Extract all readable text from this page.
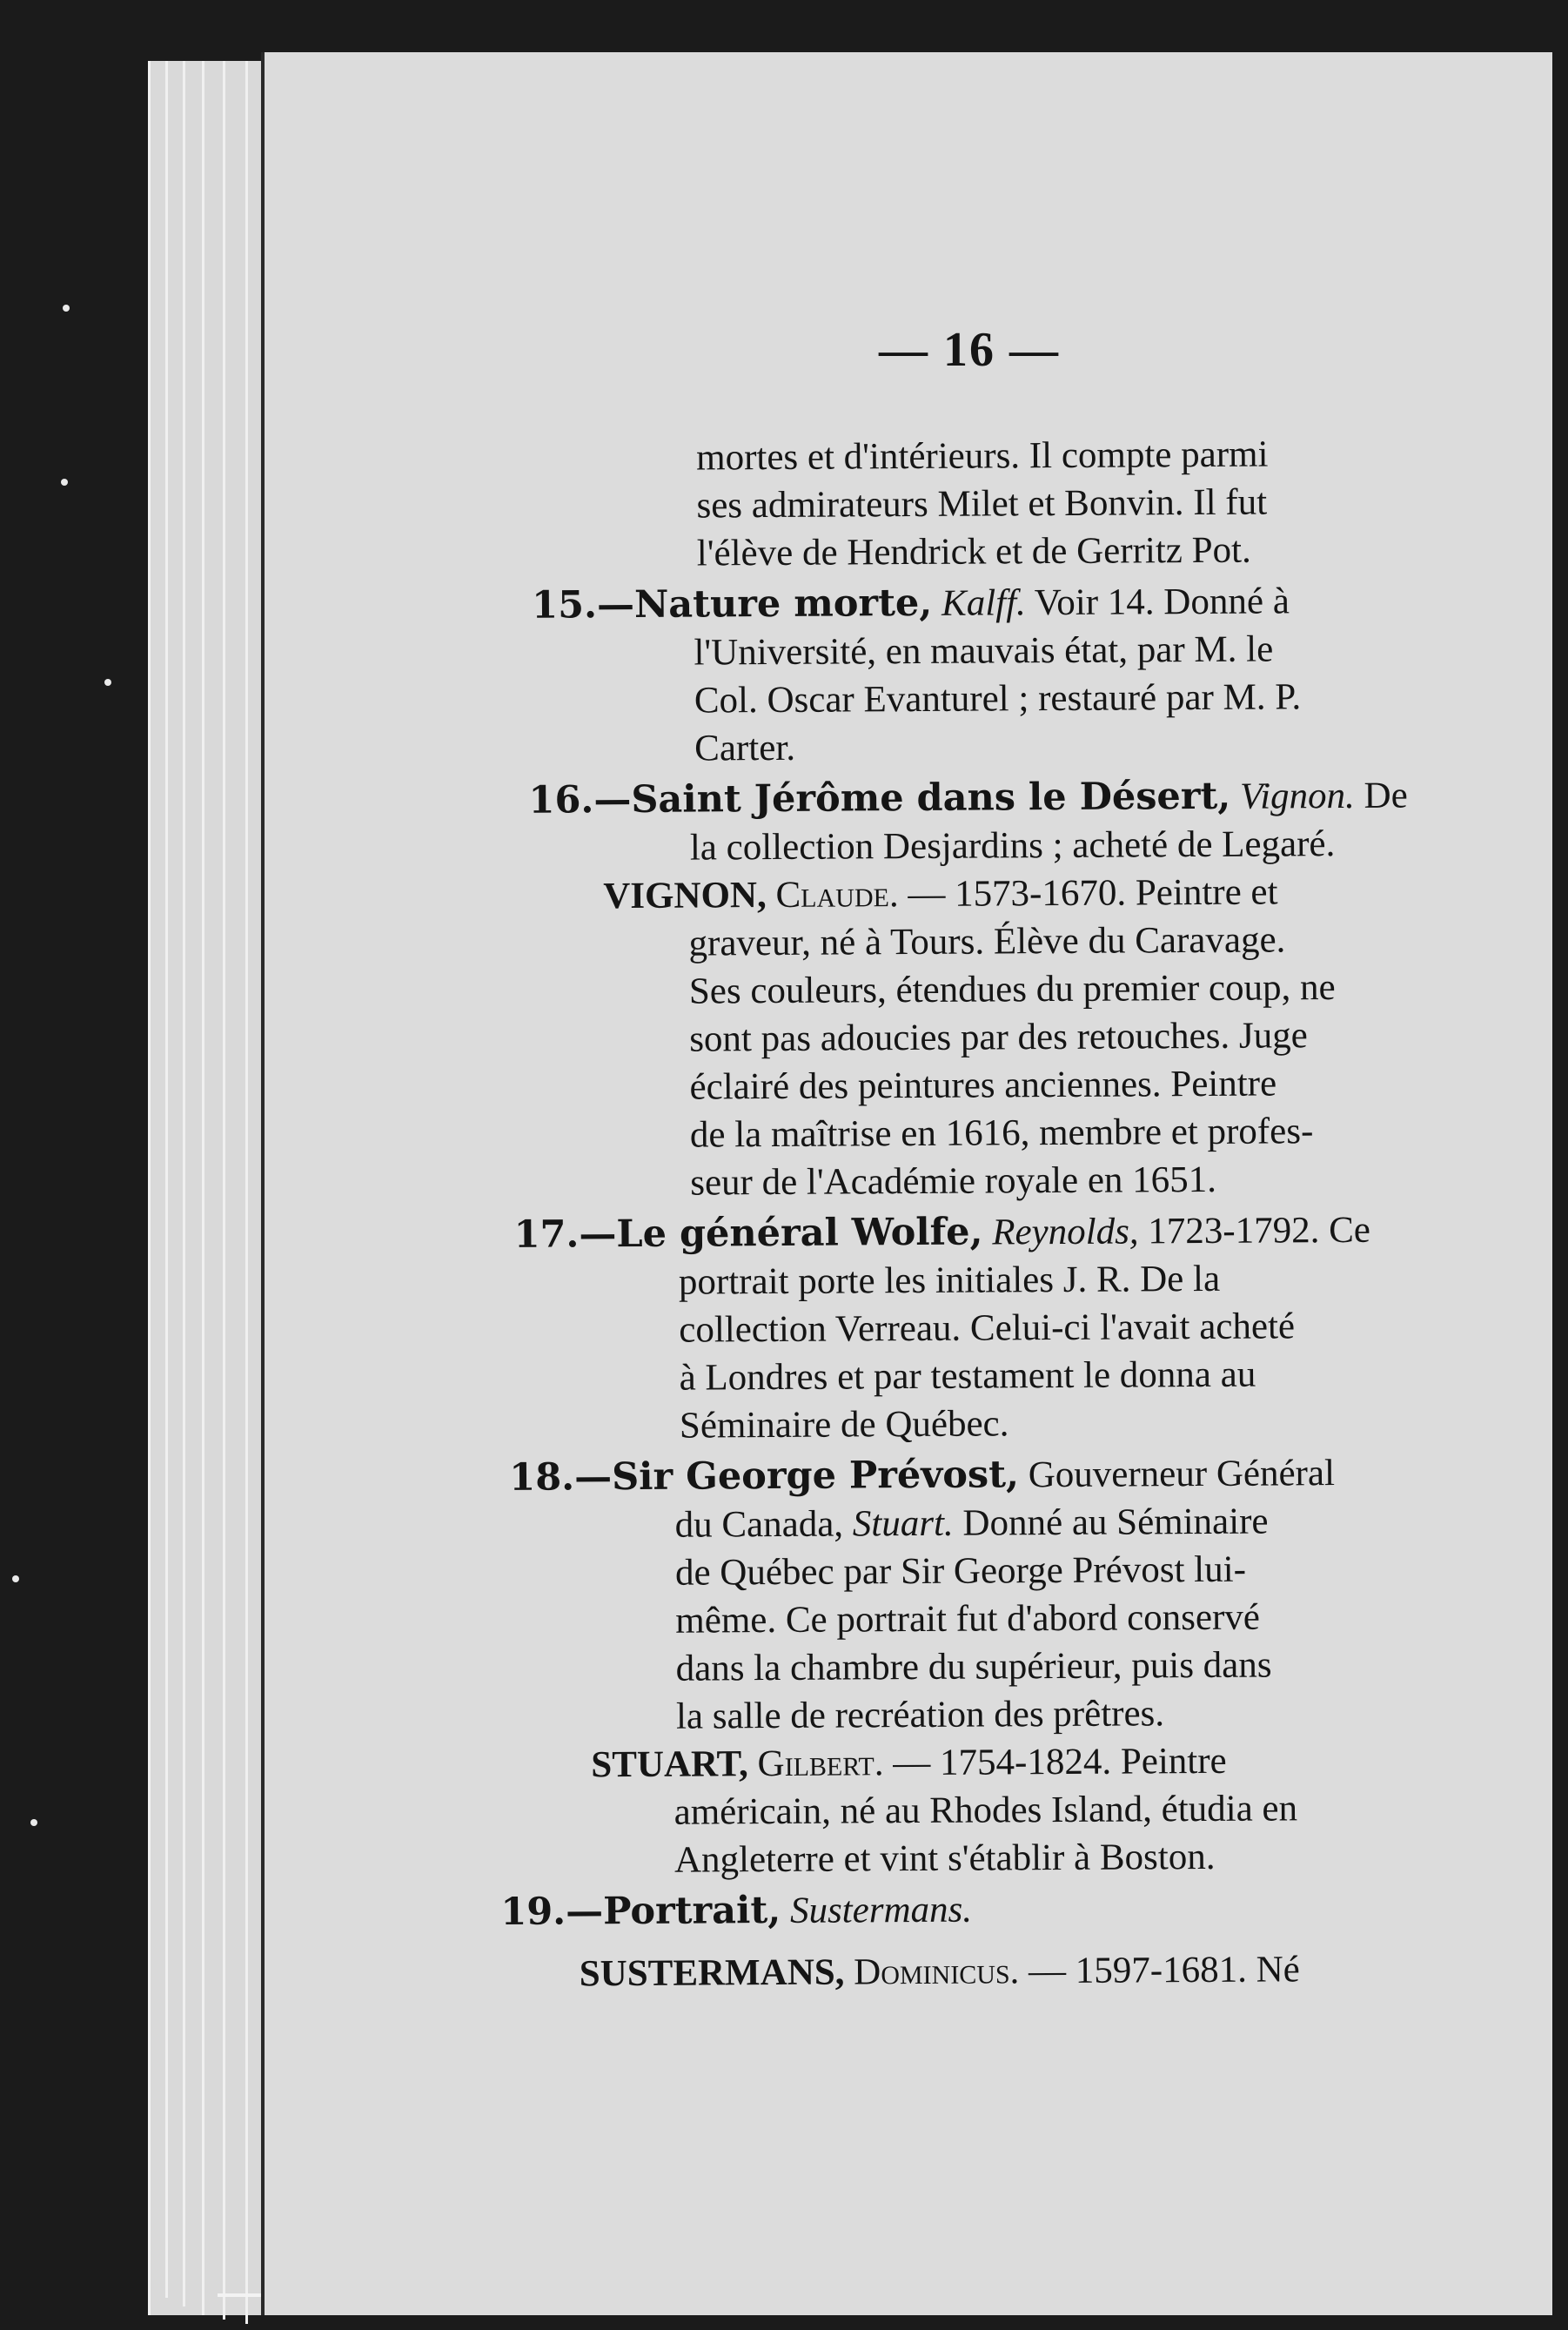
— 16 —
mortes et d'intérieurs. Il compte parmi
ses admirateurs Milet et Bonvin. Il fut
l'élève de Hendrick et de Gerritz Pot.
15.—Nature morte, Kalff. Voir 14. Donné à
l'Université, en mauvais état, par M. le
Col. Oscar Evanturel ; restauré par M. P.
Carter.
16.—Saint Jérôme dans le Désert, Vignon. De
la collection Desjardins ; acheté de Legaré.
VIGNON, Claude. — 1573-1670. Peintre et
graveur, né à Tours. Élève du Caravage.
Ses couleurs, étendues du premier coup, ne
sont pas adoucies par des retouches. Juge
éclairé des peintures anciennes. Peintre
de la maîtrise en 1616, membre et profes-
seur de l'Académie royale en 1651.
17.—Le général Wolfe, Reynolds, 1723-1792. Ce
portrait porte les initiales J. R. De la
collection Verreau. Celui-ci l'avait acheté
à Londres et par testament le donna au
Séminaire de Québec.
18.—Sir George Prévost, Gouverneur Général
du Canada, Stuart. Donné au Séminaire
de Québec par Sir George Prévost lui-
même. Ce portrait fut d'abord conservé
dans la chambre du supérieur, puis dans
la salle de recréation des prêtres.
STUART, Gilbert. — 1754-1824. Peintre
américain, né au Rhodes Island, étudia en
Angleterre et vint s'établir à Boston.
19.—Portrait, Sustermans.
SUSTERMANS, Dominicus. — 1597-1681. Né
